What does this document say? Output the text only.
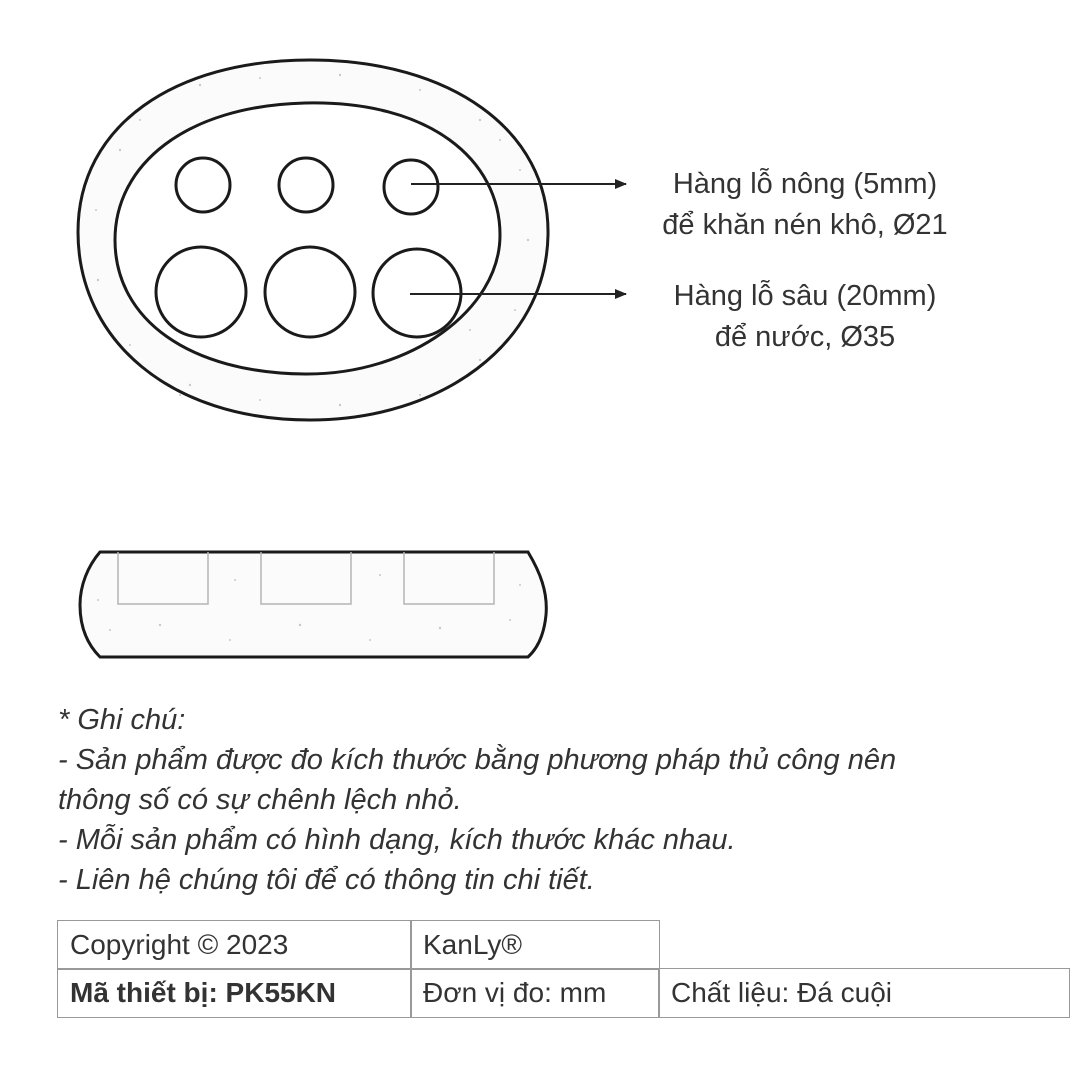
Hàng lỗ nông (5mm)
để khăn nén khô, Ø21
Hàng lỗ sâu (20mm)
để nước, Ø35
* Ghi chú:
- Sản phẩm được đo kích thước bằng phương pháp thủ công nên
thông số có sự chênh lệch nhỏ.
- Mỗi sản phẩm có hình dạng, kích thước khác nhau.
- Liên hệ chúng tôi để có thông tin chi tiết.
Copyright © 2023	KanLy®
Mã thiết bị: PK55KN	Đơn vị đo: mm	Chất liệu: Đá cuội
